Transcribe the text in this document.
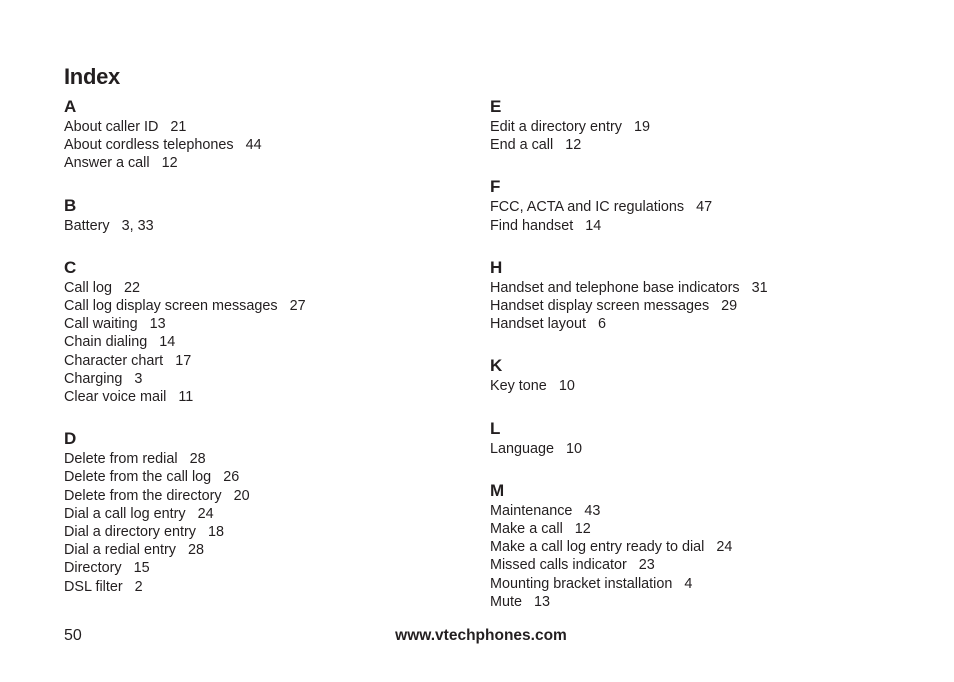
Index
A
About caller ID 21
About cordless telephones 44
Answer a call 12
B
Battery 3, 33
C
Call log 22
Call log display screen messages 27
Call waiting 13
Chain dialing 14
Character chart 17
Charging 3
Clear voice mail 11
D
Delete from redial 28
Delete from the call log 26
Delete from the directory 20
Dial a call log entry 24
Dial a directory entry 18
Dial a redial entry 28
Directory 15
DSL filter 2
E
Edit a directory entry 19
End a call 12
F
FCC, ACTA and IC regulations 47
Find handset 14
H
Handset and telephone base indicators 31
Handset display screen messages 29
Handset layout 6
K
Key tone 10
L
Language 10
M
Maintenance 43
Make a call 12
Make a call log entry ready to dial 24
Missed calls indicator 23
Mounting bracket installation 4
Mute 13
50	www.vtechphones.com
